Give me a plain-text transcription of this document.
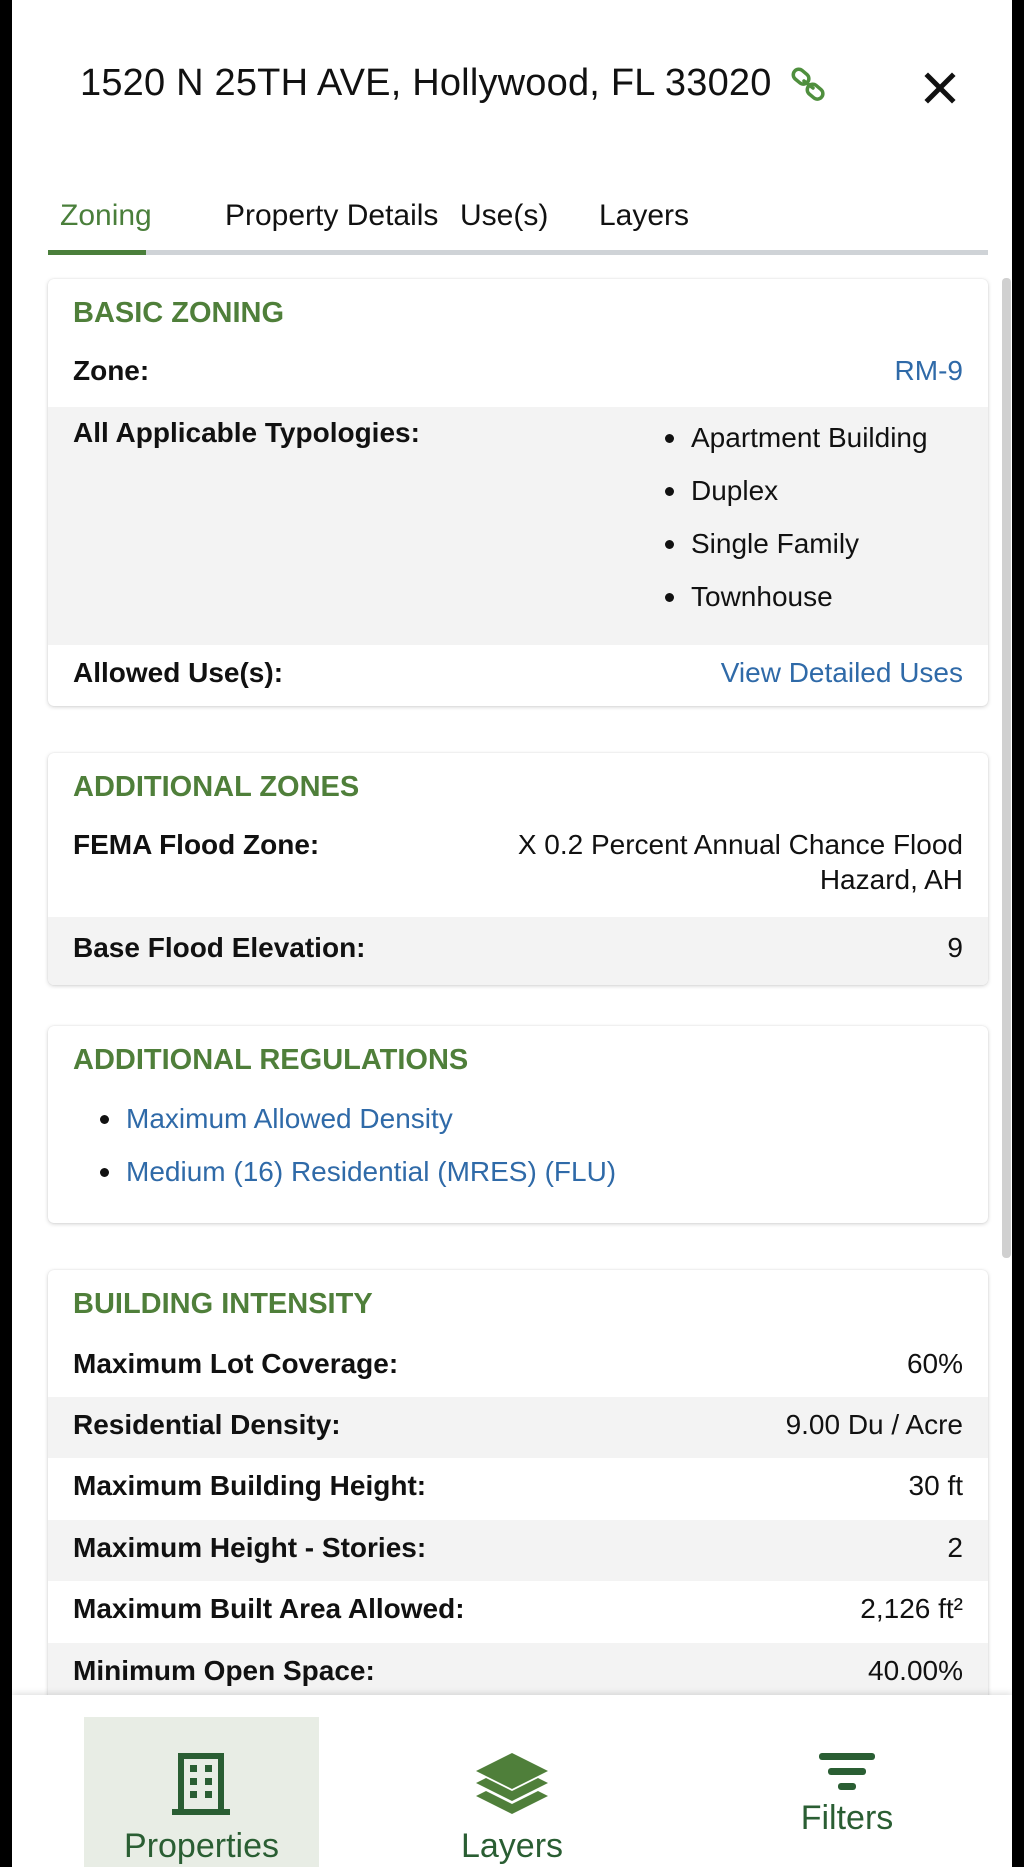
1520 N 25TH AVE, Hollywood, FL 33020
Zoning Property Details Use(s) Layers
BASIC ZONING
Zone:	RM-9
All Applicable Typologies:	Apartment Building
Duplex
Single Family
Townhouse
Allowed Use(s):	View Detailed Uses
ADDITIONAL ZONES
FEMA Flood Zone:	X 0.2 Percent Annual Chance Flood
Hazard, AH
Base Flood Elevation:	9
ADDITIONAL REGULATIONS
Maximum Allowed Density
Medium (16) Residential (MRES) (FLU)
BUILDING INTENSITY
Maximum Lot Coverage:	60%
Residential Density:	9.00 Du / Acre
Maximum Building Height:	30 ft
Maximum Height - Stories:	2
Maximum Built Area Allowed:	2,126 ft²
Minimum Open Space:	40.00%
Properties	Layers
Filters
